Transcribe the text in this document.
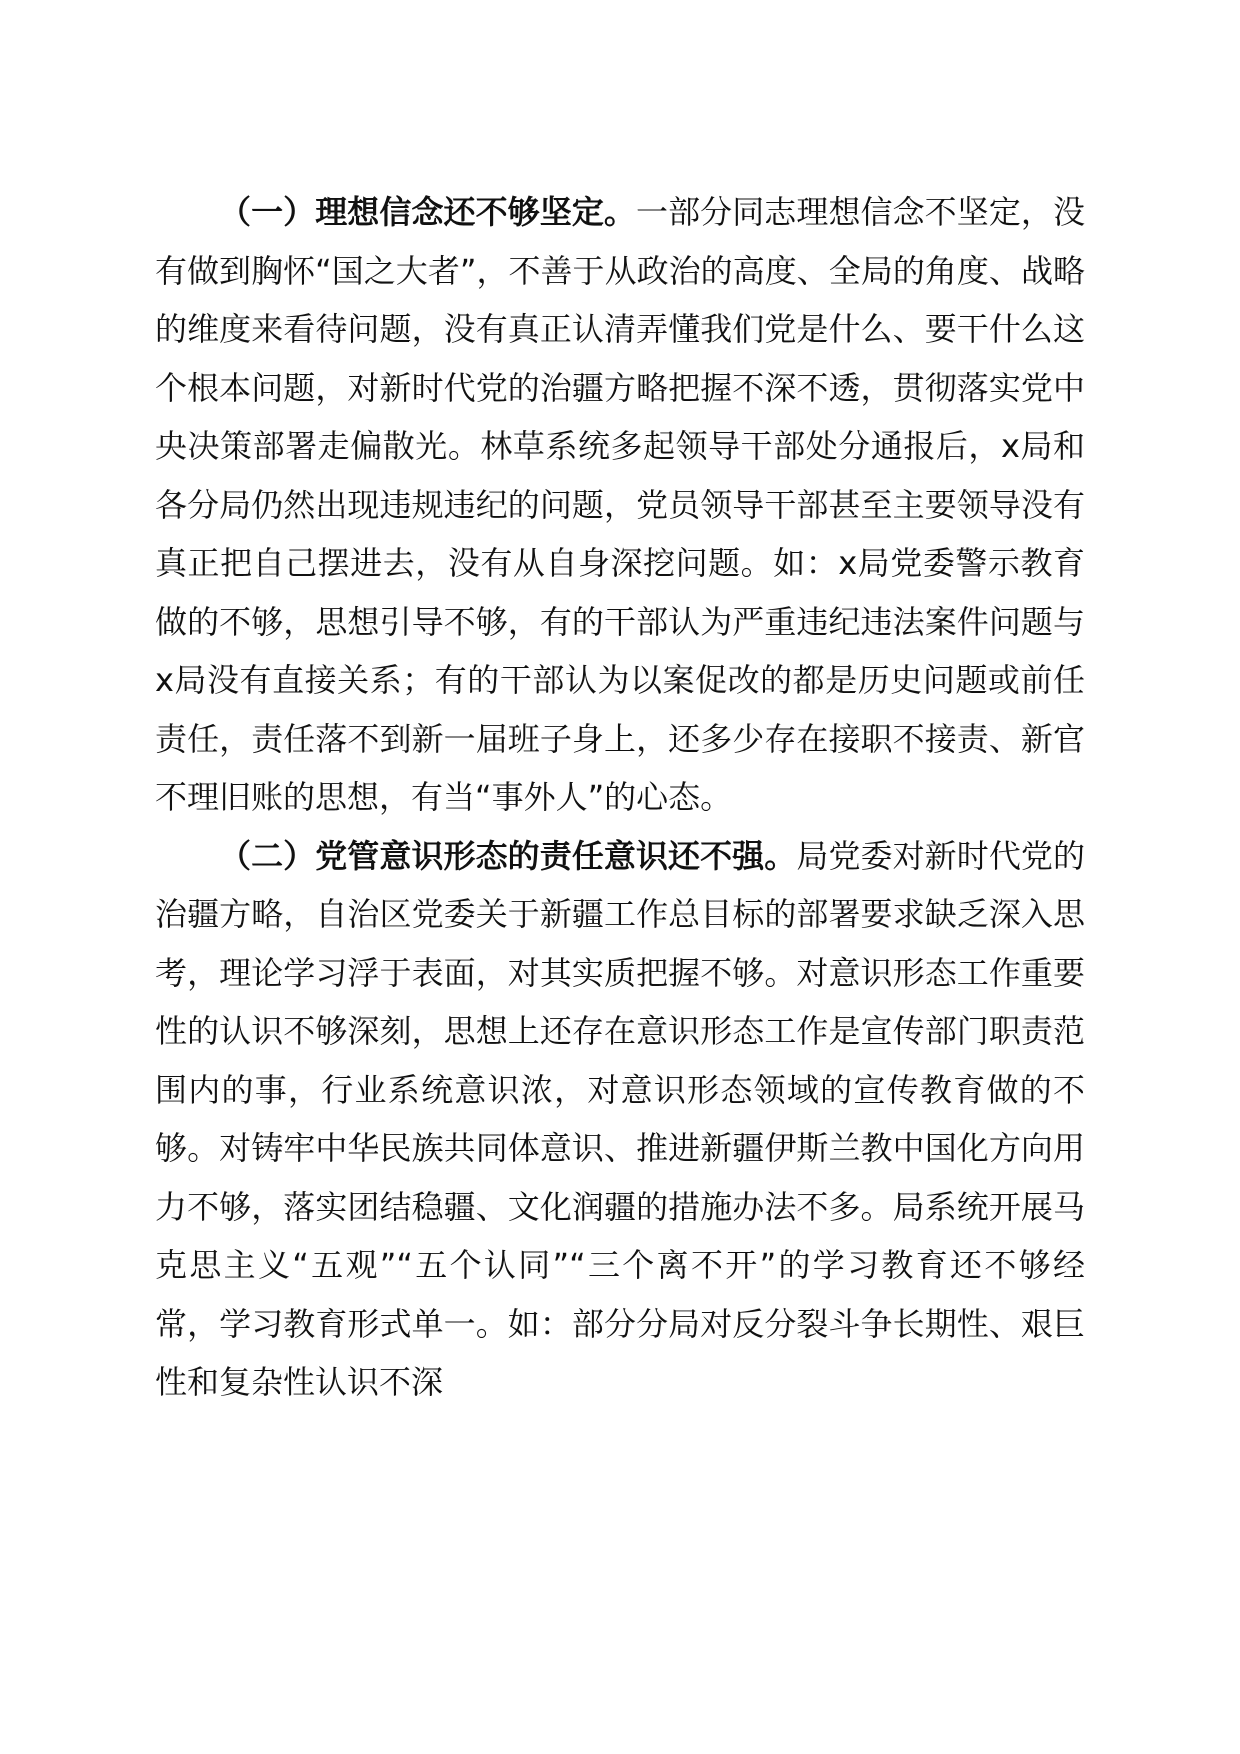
（一）理想信念还不够坚定。一部分同志理想信念不坚定，没有做到胸怀“国之大者”，不善于从政治的高度、全局的角度、战略的维度来看待问题，没有真正认清弄懂我们党是什么、要干什么这个根本问题，对新时代党的治疆方略把握不深不透，贯彻落实党中央决策部署走偏散光。林草系统多起领导干部处分通报后，x局和各分局仍然出现违规违纪的问题，党员领导干部甚至主要领导没有真正把自己摆进去，没有从自身深挖问题。如：x局党委警示教育做的不够，思想引导不够，有的干部认为严重违纪违法案件问题与x局没有直接关系；有的干部认为以案促改的都是历史问题或前任责任，责任落不到新一届班子身上，还多少存在接职不接责、新官不理旧账的思想，有当“事外人”的心态。

（二）党管意识形态的责任意识还不强。局党委对新时代党的治疆方略，自治区党委关于新疆工作总目标的部署要求缺乏深入思考，理论学习浮于表面，对其实质把握不够。对意识形态工作重要性的认识不够深刻，思想上还存在意识形态工作是宣传部门职责范围内的事，行业系统意识浓，对意识形态领域的宣传教育做的不够。对铸牢中华民族共同体意识、推进新疆伊斯兰教中国化方向用力不够，落实团结稳疆、文化润疆的措施办法不多。局系统开展马克思主义“五观”“五个认同”“三个离不开”的学习教育还不够经常，学习教育形式单一。如：部分分局对反分裂斗争长期性、艰巨性和复杂性认识不深
